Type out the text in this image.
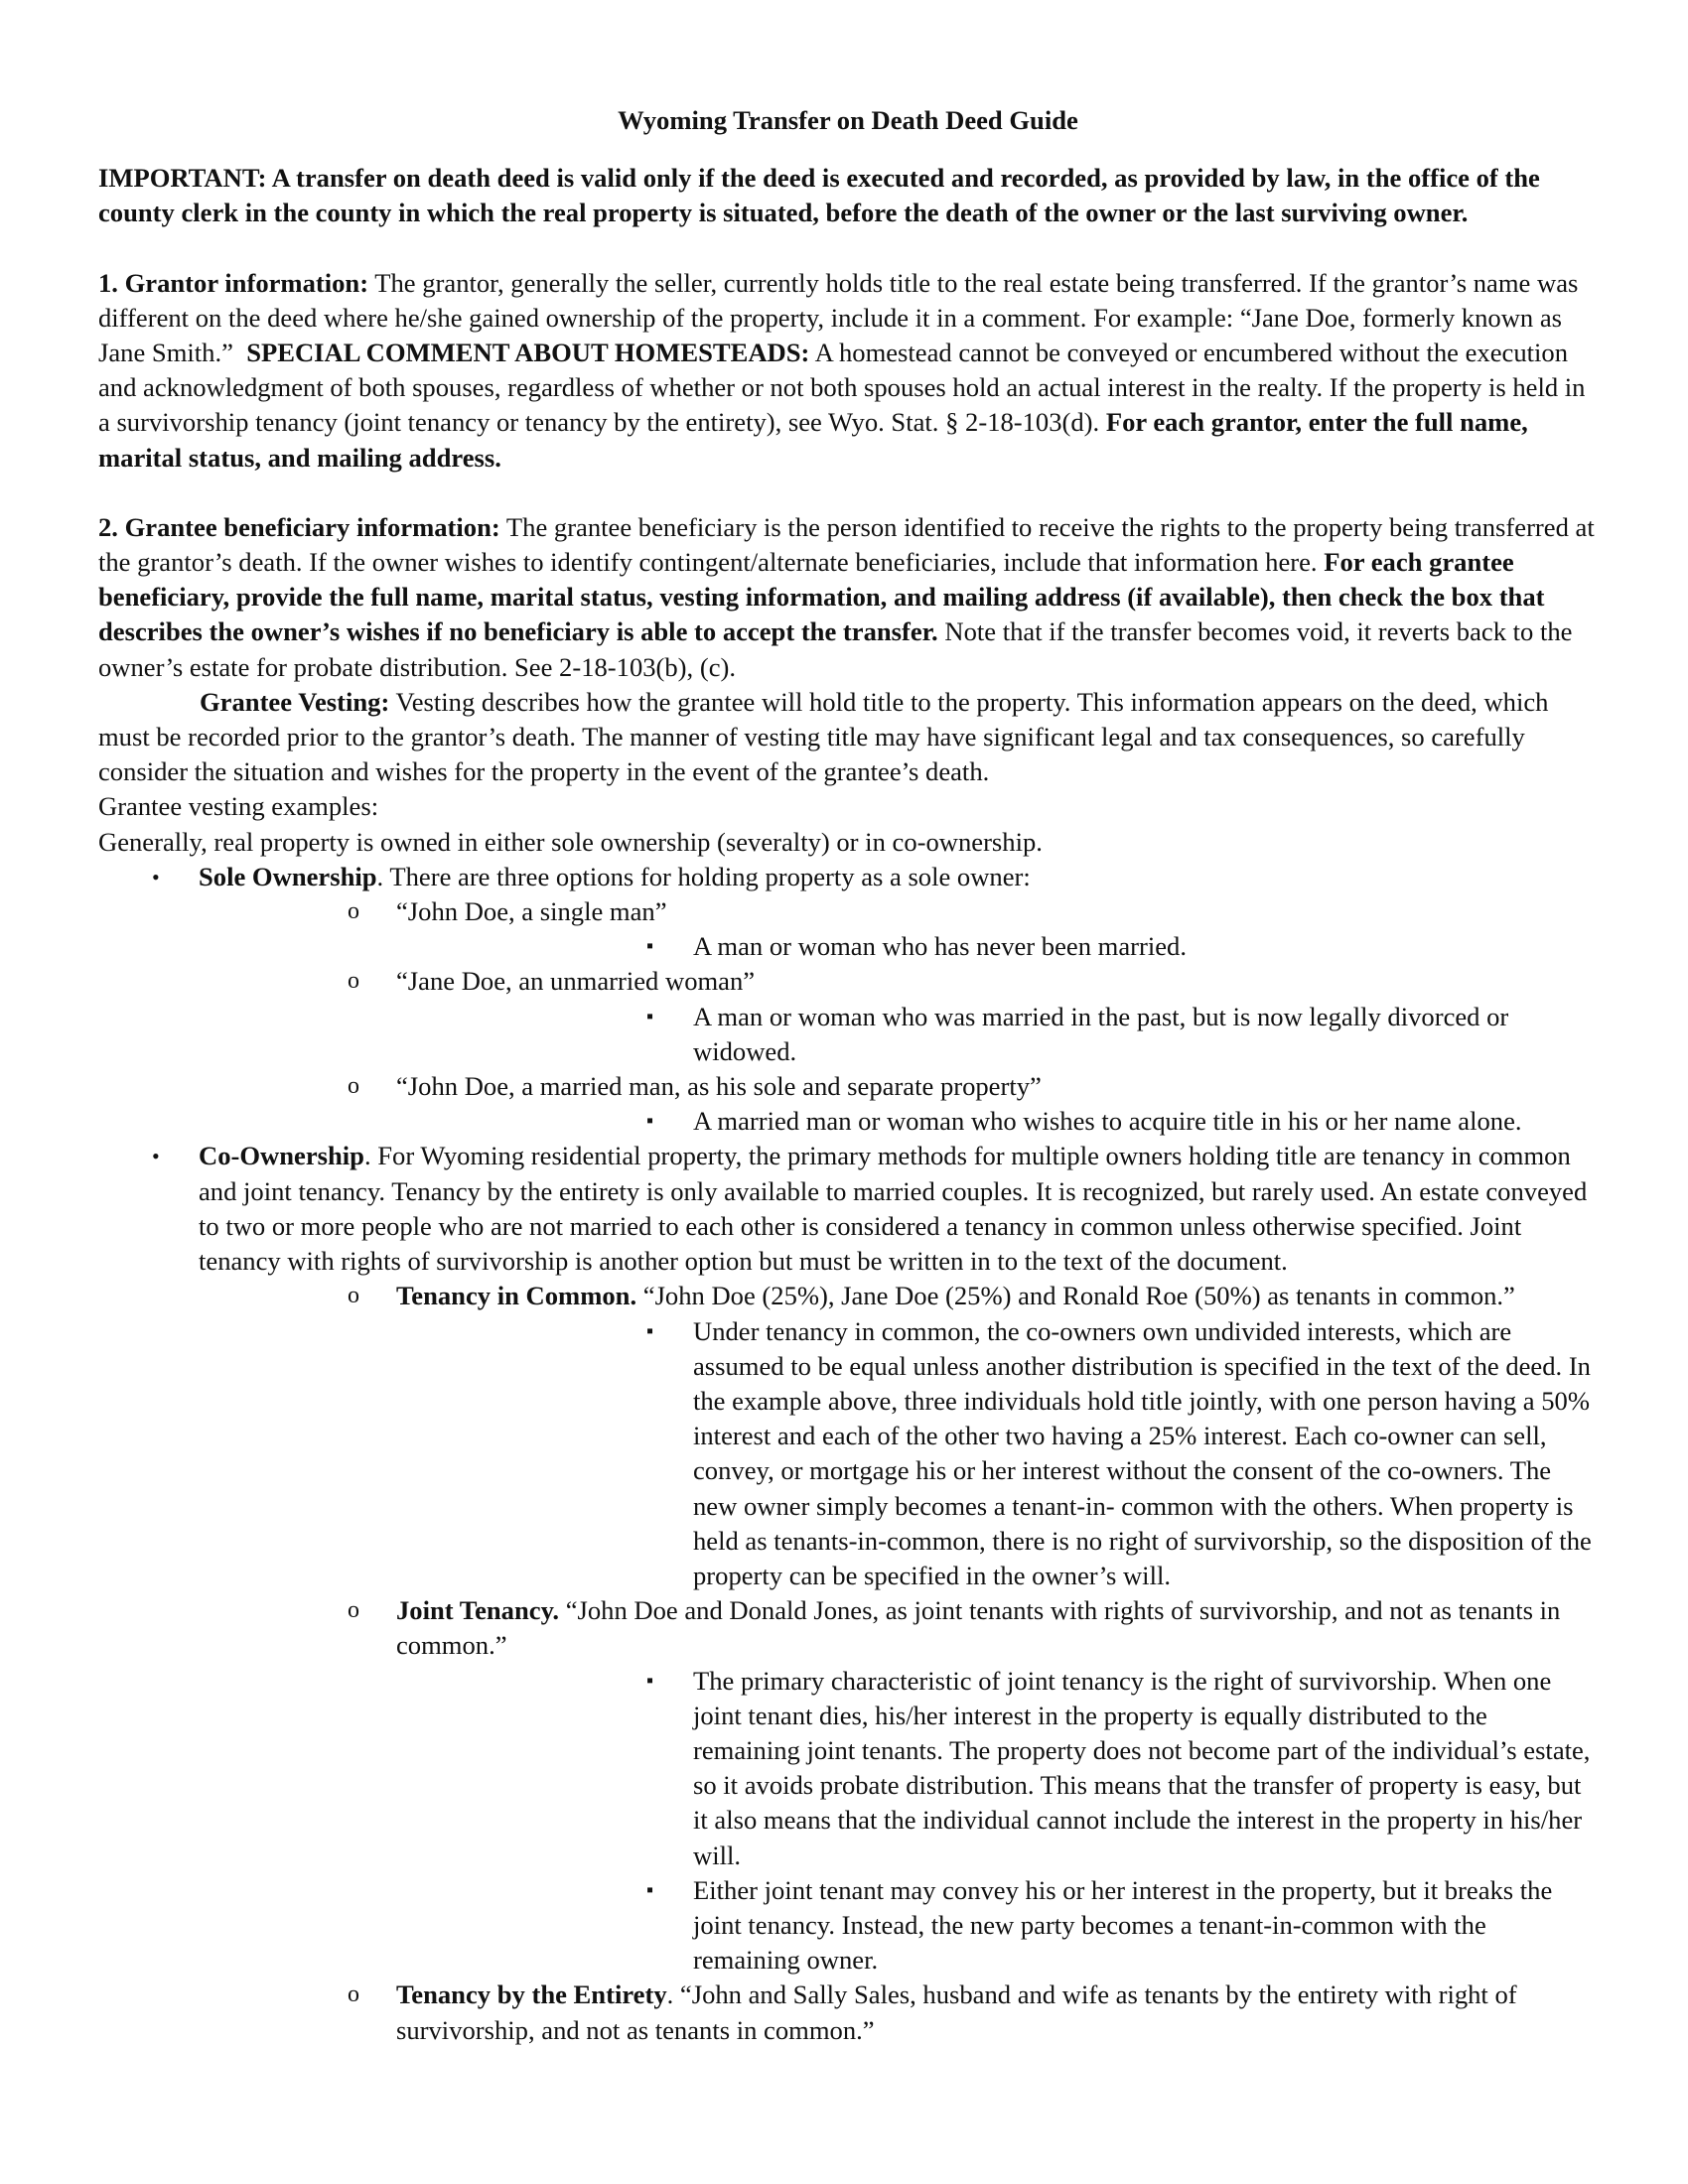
Wyoming Transfer on Death Deed Guide

IMPORTANT: A transfer on death deed is valid only if the deed is executed and recorded, as provided by law, in the office of the county clerk in the county in which the real property is situated, before the death of the owner or the last surviving owner.

1. Grantor information: The grantor, generally the seller, currently holds title to the real estate being transferred. If the grantor’s name was different on the deed where he/she gained ownership of the property, include it in a comment. For example: “Jane Doe, formerly known as Jane Smith.” SPECIAL COMMENT ABOUT HOMESTEADS: A homestead cannot be conveyed or encumbered without the execution and acknowledgment of both spouses, regardless of whether or not both spouses hold an actual interest in the realty. If the property is held in a survivorship tenancy (joint tenancy or tenancy by the entirety), see Wyo. Stat. § 2-18-103(d). For each grantor, enter the full name, marital status, and mailing address.

2. Grantee beneficiary information: The grantee beneficiary is the person identified to receive the rights to the property being transferred at the grantor’s death. If the owner wishes to identify contingent/alternate beneficiaries, include that information here. For each grantee beneficiary, provide the full name, marital status, vesting information, and mailing address (if available), then check the box that describes the owner’s wishes if no beneficiary is able to accept the transfer. Note that if the transfer becomes void, it reverts back to the owner’s estate for probate distribution. See 2-18-103(b), (c).

Grantee Vesting: Vesting describes how the grantee will hold title to the property. This information appears on the deed, which must be recorded prior to the grantor’s death. The manner of vesting title may have significant legal and tax consequences, so carefully consider the situation and wishes for the property in the event of the grantee’s death.

Grantee vesting examples:

Generally, real property is owned in either sole ownership (severalty) or in co-ownership.

• Sole Ownership. There are three options for holding property as a sole owner:
o “John Doe, a single man”
▪ A man or woman who has never been married.
o “Jane Doe, an unmarried woman”
▪ A man or woman who was married in the past, but is now legally divorced or widowed.
o “John Doe, a married man, as his sole and separate property”
▪ A married man or woman who wishes to acquire title in his or her name alone.
• Co-Ownership. For Wyoming residential property, the primary methods for multiple owners holding title are tenancy in common and joint tenancy. Tenancy by the entirety is only available to married couples. It is recognized, but rarely used. An estate conveyed to two or more people who are not married to each other is considered a tenancy in common unless otherwise specified. Joint tenancy with rights of survivorship is another option but must be written in to the text of the document.
o Tenancy in Common. “John Doe (25%), Jane Doe (25%) and Ronald Roe (50%) as tenants in common.”
▪ Under tenancy in common, the co-owners own undivided interests, which are assumed to be equal unless another distribution is specified in the text of the deed. In the example above, three individuals hold title jointly, with one person having a 50% interest and each of the other two having a 25% interest. Each co-owner can sell, convey, or mortgage his or her interest without the consent of the co-owners. The new owner simply becomes a tenant-in- common with the others. When property is held as tenants-in-common, there is no right of survivorship, so the disposition of the property can be specified in the owner’s will.
o Joint Tenancy. “John Doe and Donald Jones, as joint tenants with rights of survivorship, and not as tenants in common.”
▪ The primary characteristic of joint tenancy is the right of survivorship. When one joint tenant dies, his/her interest in the property is equally distributed to the remaining joint tenants. The property does not become part of the individual’s estate, so it avoids probate distribution. This means that the transfer of property is easy, but it also means that the individual cannot include the interest in the property in his/her will.
▪ Either joint tenant may convey his or her interest in the property, but it breaks the joint tenancy. Instead, the new party becomes a tenant-in-common with the remaining owner.
o Tenancy by the Entirety. “John and Sally Sales, husband and wife as tenants by the entirety with right of survivorship, and not as tenants in common.”
